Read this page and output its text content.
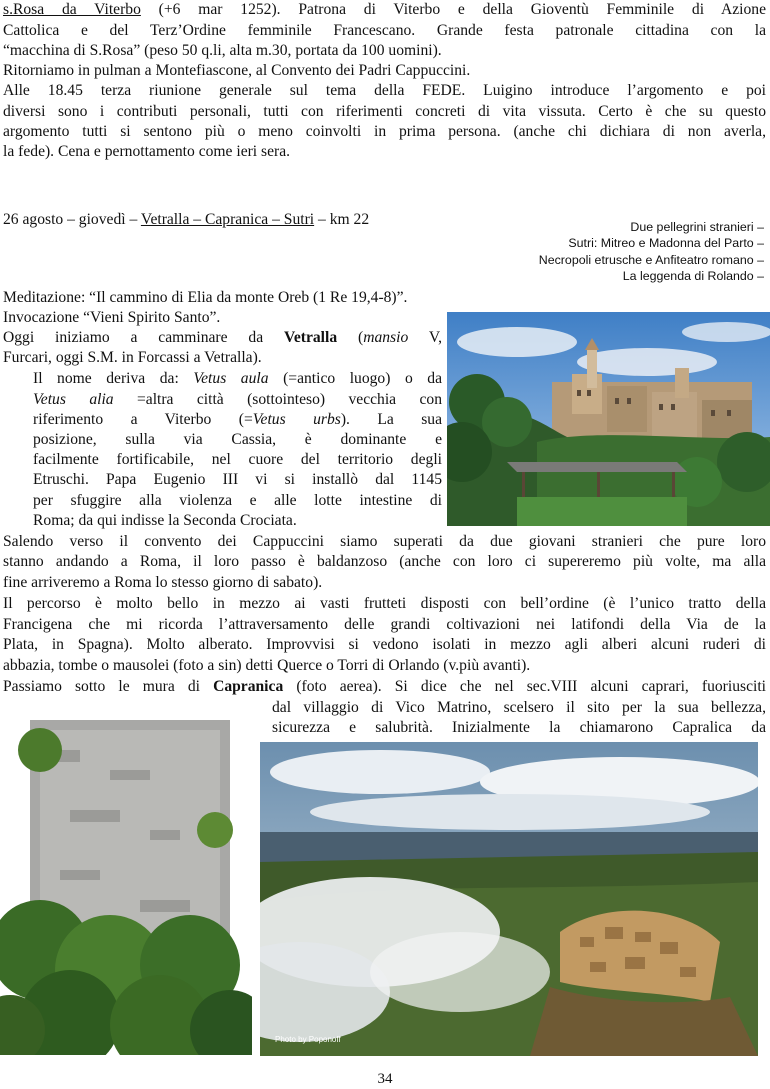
s.Rosa da Viterbo (+6 mar 1252). Patrona di Viterbo e della Gioventù Femminile di Azione
Cattolica e del Terz’Ordine femminile Francescano. Grande festa patronale cittadina con la
“macchina di S.Rosa” (peso 50 q.li, alta m.30, portata da 100 uomini).
Ritorniamo in pulman a Montefiascone, al Convento dei Padri Cappuccini.
Alle 18.45 terza riunione generale sul tema della FEDE. Luigino introduce l’argomento e poi
diversi sono i contributi personali, tutti con riferimenti concreti di vita vissuta. Certo è che su questo
argomento tutti si sentono più o meno coinvolti in prima persona. (anche chi dichiara di non averla,
la fede). Cena e pernottamento come ieri sera.
26 agosto – giovedì – Vetralla – Capranica – Sutri – km 22	Due pellegrini stranieri –
Sutri: Mitreo e Madonna del Parto –
Necropoli etrusche e Anfiteatro romano –
La leggenda di Rolando –
Meditazione: “Il cammino di Elia da monte Oreb (1 Re 19,4-8)”.
Invocazione “Vieni Spirito Santo”.
Oggi iniziamo a camminare da Vetralla (mansio V,
Furcari, oggi S.M. in Forcassi a Vetralla).
Il nome deriva da: Vetus aula (=antico luogo) o da
Vetus alia =altra città (sottointeso) vecchia con
riferimento a Viterbo (=Vetus urbs). La sua
posizione, sulla via Cassia, è dominante e
facilmente fortificabile, nel cuore del territorio degli
Etruschi. Papa Eugenio III vi si installò dal 1145
per sfuggire alla violenza e alle lotte intestine di
Roma; da qui indisse la Seconda Crociata.
Salendo verso il convento dei Cappuccini siamo superati da due giovani stranieri che pure loro
stanno andando a Roma, il loro passo è baldanzoso (anche con loro ci supereremo più volte, ma alla
fine arriveremo a Roma lo stesso giorno di sabato).
Il percorso è molto bello in mezzo ai vasti frutteti disposti con bell’ordine (è l’unico tratto della
Francigena che mi ricorda l’attraversamento delle grandi coltivazioni nei latifondi della Via de la
Plata, in Spagna). Molto alberato. Improvvisi si vedono isolati in mezzo agli alberi alcuni ruderi di
abbazia, tombe o mausolei (foto a sin) detti Querce o Torri di Orlando (v.più avanti).
Passiamo sotto le mura di Capranica (foto aerea). Si dice che nel sec.VIII alcuni caprari, fuoriusciti
dal villaggio di Vico Matrino, scelsero il sito per la sua bellezza,
sicurezza e salubrità. Inizialmente la chiamarono Capralica da
Photo by Poponoff
34
